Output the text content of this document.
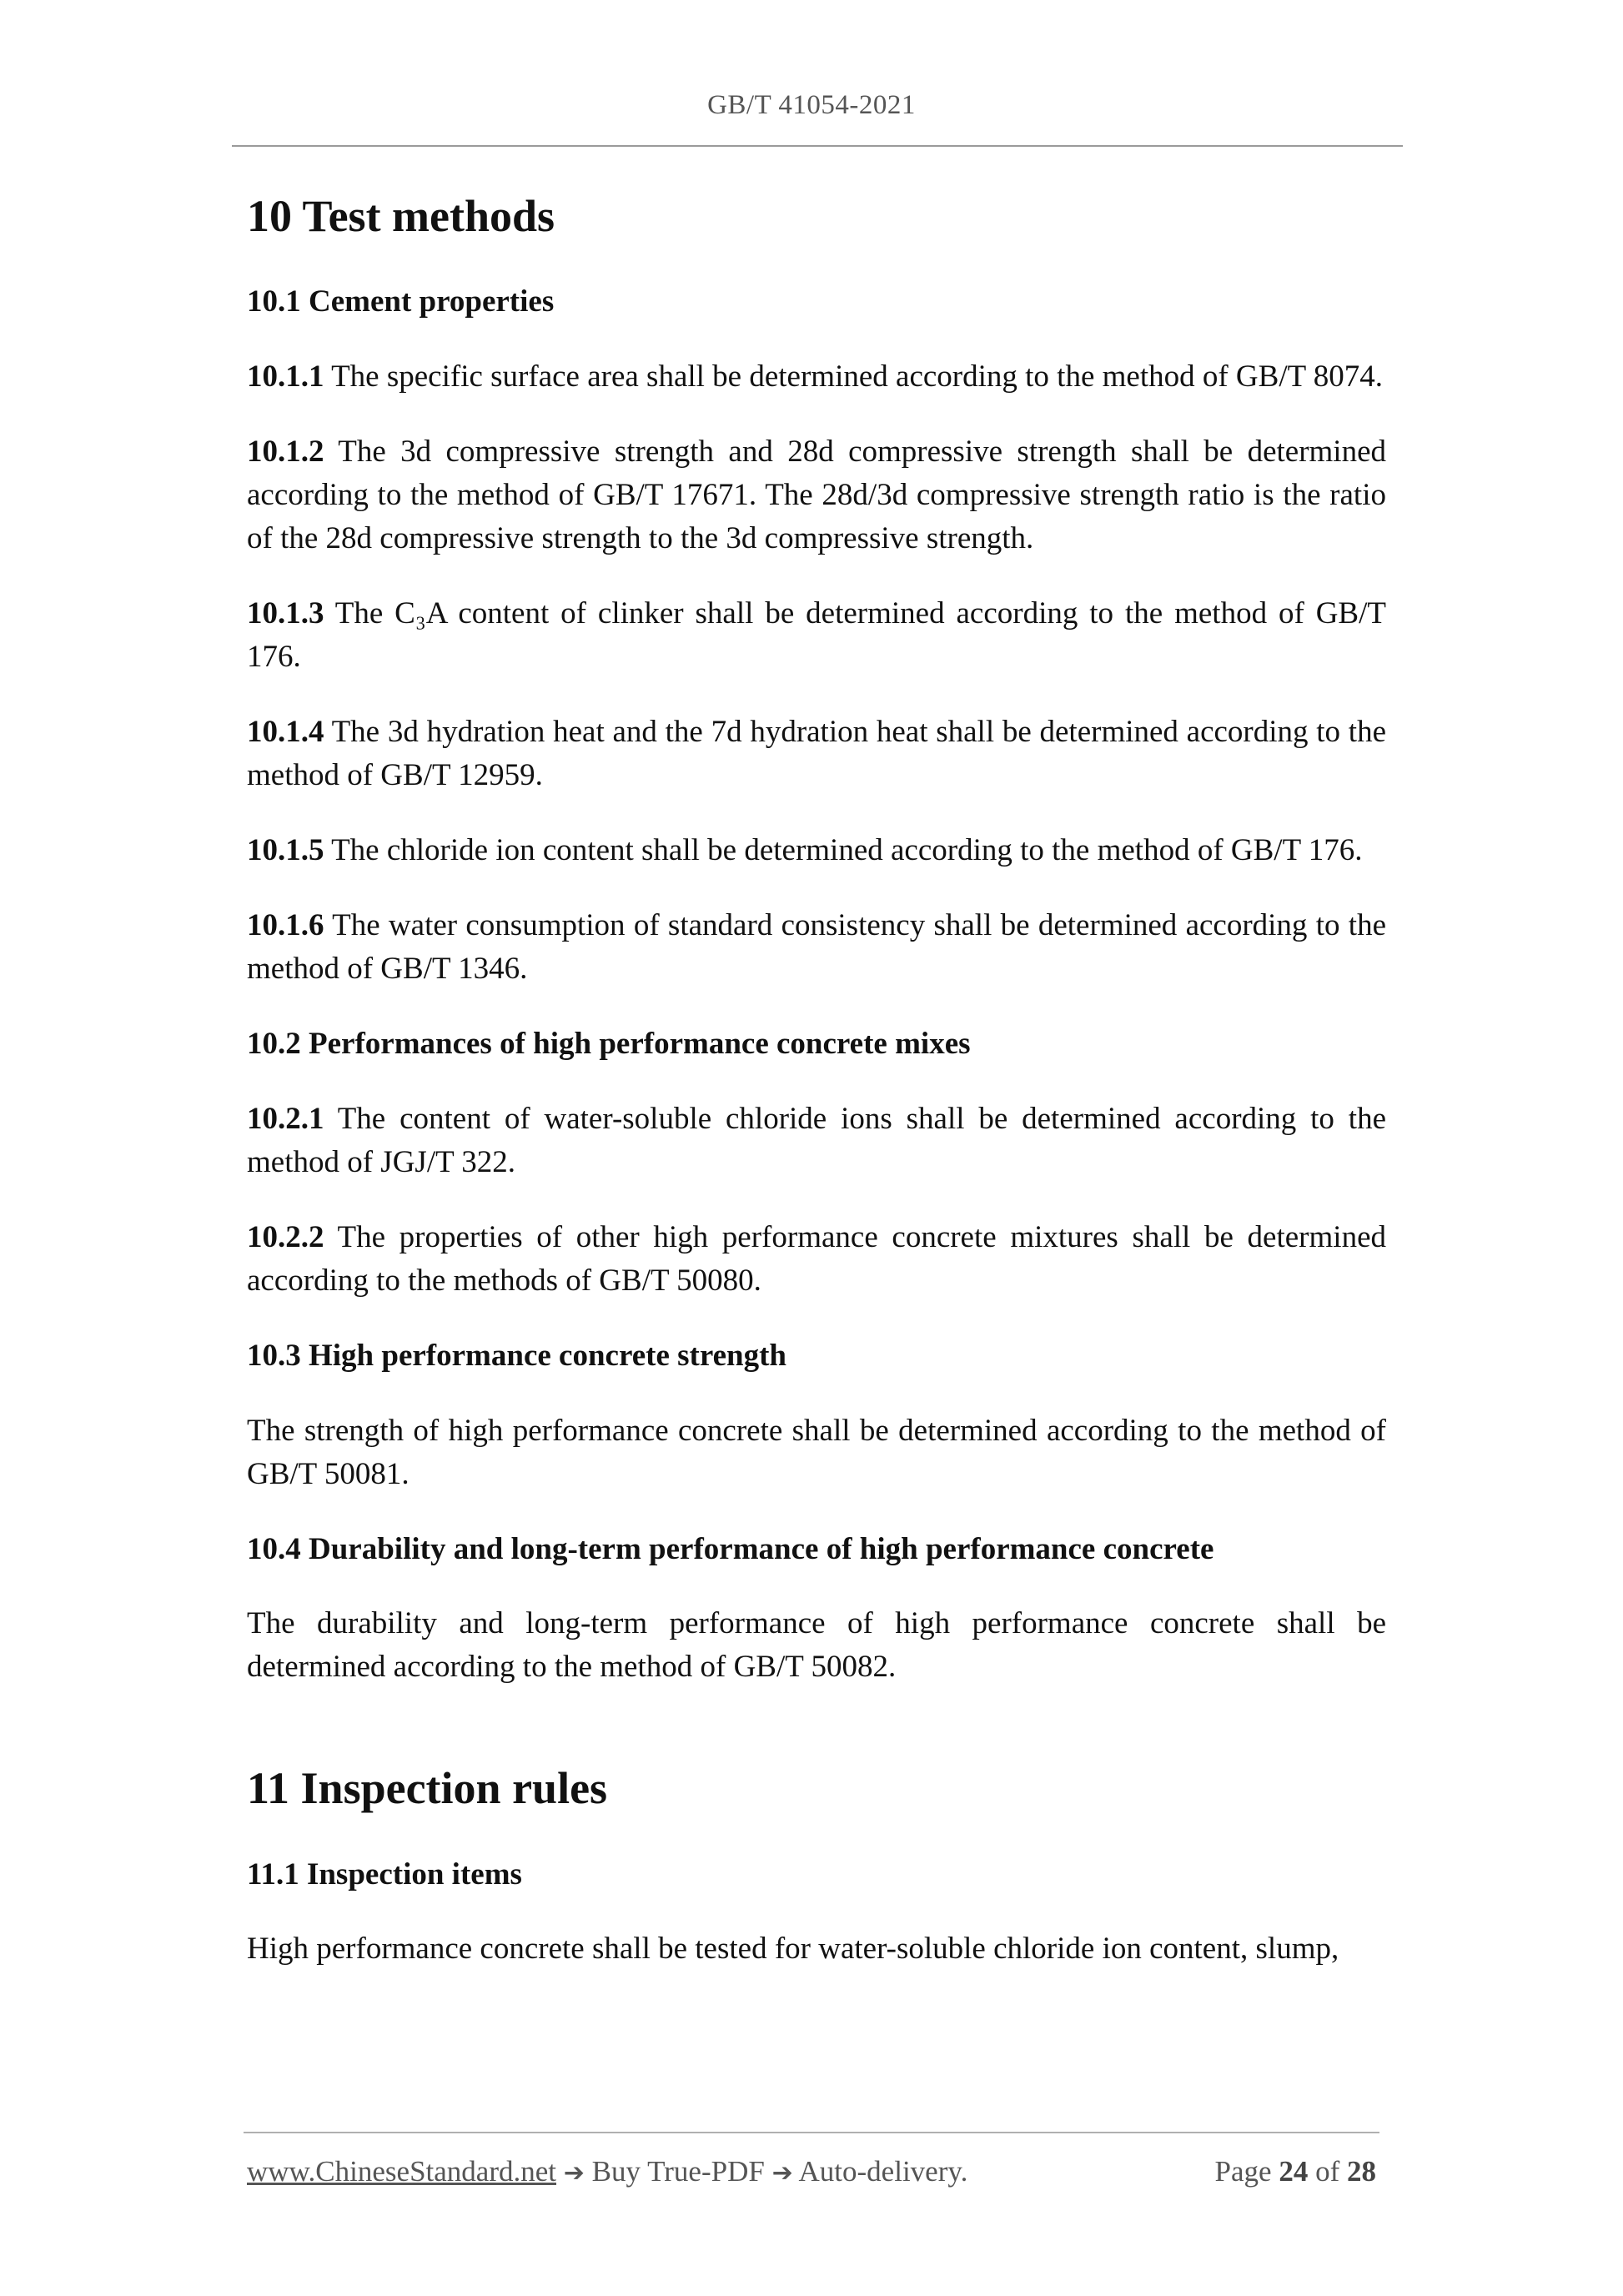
GB/T 41054-2021
10 Test methods
10.1 Cement properties

10.1.1 The specific surface area shall be determined according to the method of GB/T 8074.

10.1.2 The 3d compressive strength and 28d compressive strength shall be determined according to the method of GB/T 17671. The 28d/3d compressive strength ratio is the ratio of the 28d compressive strength to the 3d compressive strength.

10.1.3 The C₃A content of clinker shall be determined according to the method of GB/T 176.

10.1.4 The 3d hydration heat and the 7d hydration heat shall be determined according to the method of GB/T 12959.

10.1.5 The chloride ion content shall be determined according to the method of GB/T 176.

10.1.6 The water consumption of standard consistency shall be determined according to the method of GB/T 1346.

10.2 Performances of high performance concrete mixes

10.2.1 The content of water-soluble chloride ions shall be determined according to the method of JGJ/T 322.

10.2.2 The properties of other high performance concrete mixtures shall be determined according to the methods of GB/T 50080.

10.3 High performance concrete strength

The strength of high performance concrete shall be determined according to the method of GB/T 50081.

10.4 Durability and long-term performance of high performance concrete

The durability and long-term performance of high performance concrete shall be determined according to the method of GB/T 50082.

11 Inspection rules
11.1 Inspection items

High performance concrete shall be tested for water-soluble chloride ion content, slump,

www.ChineseStandard.net ➔ Buy True-PDF ➔ Auto-delivery.	Page 24 of 28
